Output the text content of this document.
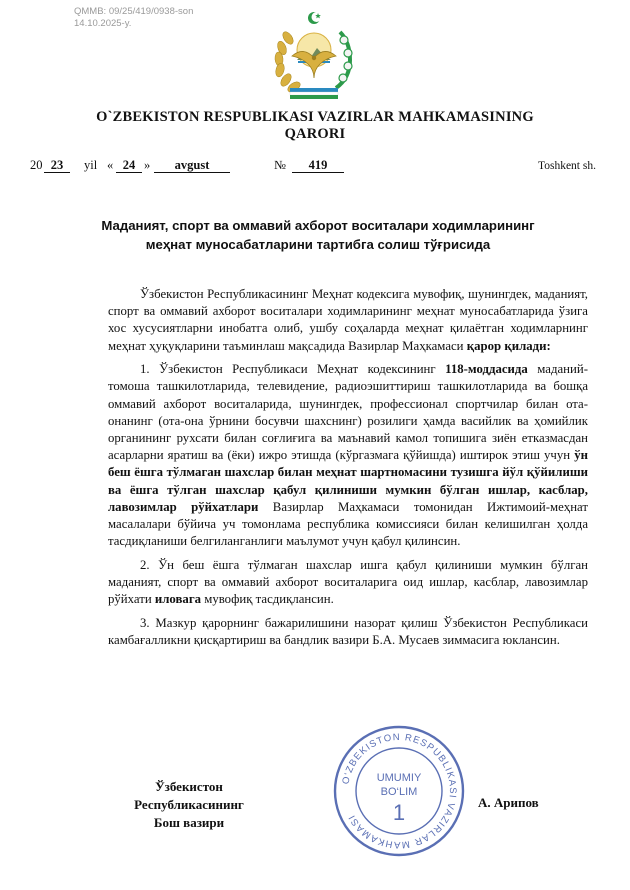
QMMB: 09/25/419/0938-son
14.10.2025-y.
O`ZBEKISTON RESPUBLIKASI VAZIRLAR MAHKAMASINING
QARORI
20 23	yil « 24 »	avgust	№	419	Toshkent sh.
Маданият, спорт ва оммавий ахборот воситалари ходимларининг
меҳнат муносабатларини тартибга солиш тўғрисида

Ўзбекистон Республикасининг Меҳнат кодексига мувофиқ, шунингдек, маданият, спорт ва оммавий ахборот воситалари ходимларининг меҳнат муносабатларида ўзига хос хусусиятларни инобатга олиб, ушбу соҳаларда меҳнат қилаётган ходимларнинг меҳнат ҳуқуқларини таъминлаш мақсадида Вазирлар Маҳкамаси қарор қилади:

1. Ўзбекистон Республикаси Меҳнат кодексининг 118-моддасида маданий-томоша ташкилотларида, телевидение, радиоэшиттириш ташкилотларида ва бошқа оммавий ахборот воситаларида, шунингдек, профессионал спортчилар билан ота-онанинг (ота-она ўрнини босувчи шахснинг) розилиги ҳамда васийлик ва ҳомийлик органининг рухсати билан соғлиғига ва маънавий камол топишига зиён етказмасдан асарларни яратиш ва (ёки) ижро этишда (кўргазмага қўйишда) иштирок этиш учун ўн беш ёшга тўлмаган шахслар билан меҳнат шартномасини тузишга йўл қўйилиши ва ёшга тўлган шахслар қабул қилиниши мумкин бўлган ишлар, касблар, лавозимлар рўйхатлари Вазирлар Маҳкамаси томонидан Ижтимоий-меҳнат масалалари бўйича уч томонлама республика комиссияси билан келишилган ҳолда тасдиқланиши белгиланганлиги маълумот учун қабул қилинсин.

2. Ўн беш ёшга тўлмаган шахслар ишга қабул қилиниши мумкин бўлган маданият, спорт ва оммавий ахборот воситаларига оид ишлар, касблар, лавозимлар рўйхати иловага мувофиқ тасдиқлансин.

3. Мазкур қарорнинг бажарилишини назорат қилиш Ўзбекистон Республикаси камбағалликни қисқартириш ва бандлик вазири Б.А. Мусаев зиммасига юклансин.

O‘ZBEKISTON RESPUBLIKASI VAZIRLAR MAHKAMASI
UMUMIY
BO‘LIM
1
Ўзбекистон Республикасининг
Бош вазири
А. Арипов
